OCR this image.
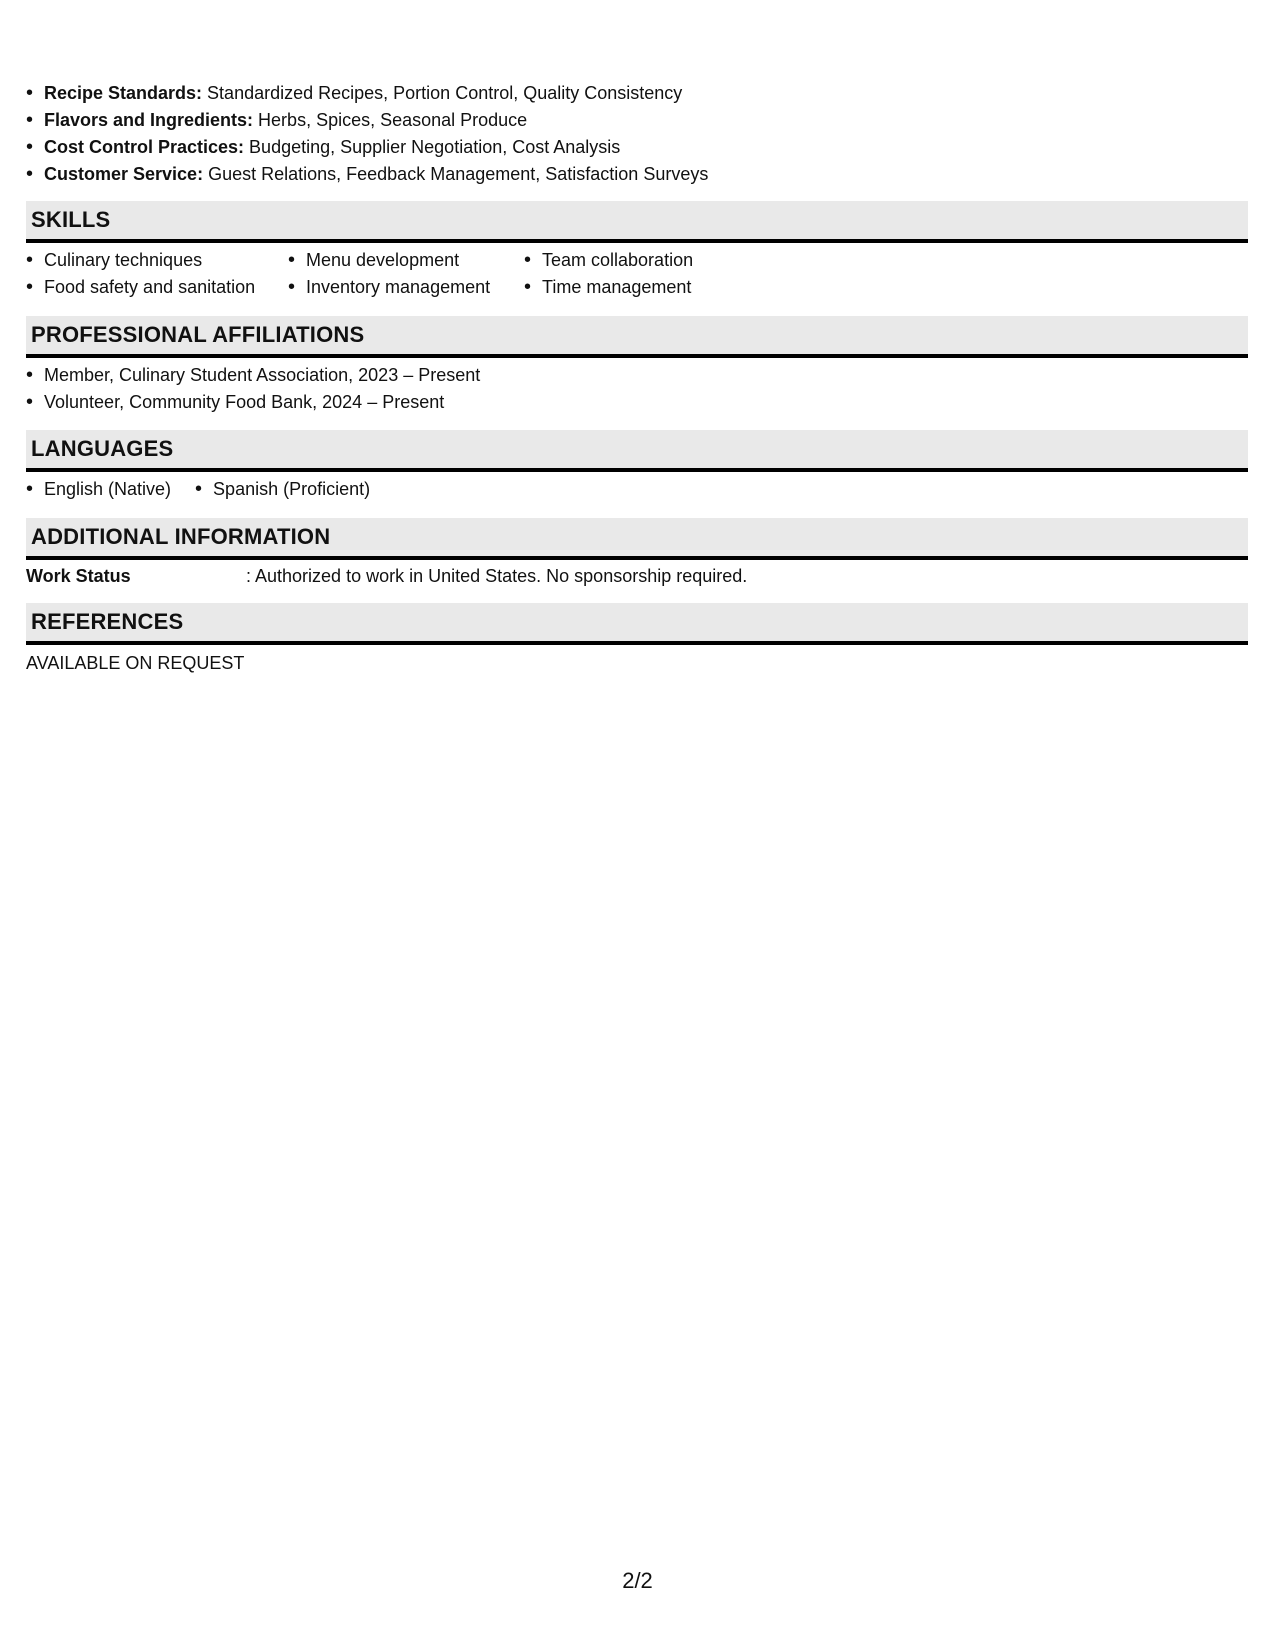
• Recipe Standards: Standardized Recipes, Portion Control, Quality Consistency
• Flavors and Ingredients: Herbs, Spices, Seasonal Produce
• Cost Control Practices: Budgeting, Supplier Negotiation, Cost Analysis
• Customer Service: Guest Relations, Feedback Management, Satisfaction Surveys
SKILLS
• Culinary techniques
• Food safety and sanitation
• Menu development
• Inventory management
• Team collaboration
• Time management
PROFESSIONAL AFFILIATIONS
• Member, Culinary Student Association, 2023 – Present
• Volunteer, Community Food Bank, 2024 – Present
LANGUAGES
• English (Native)
•	Spanish (Proficient)
ADDITIONAL INFORMATION
Work Status	: Authorized to work in United States. No sponsorship required.
REFERENCES
AVAILABLE ON REQUEST
2/2
